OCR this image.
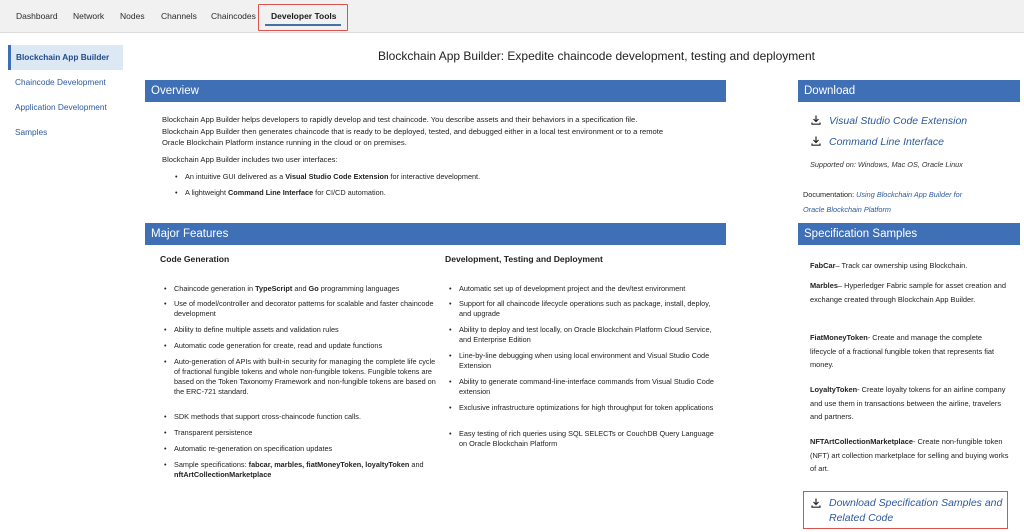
Dashboard Network Nodes Channels Chaincodes Developer Tools
Blockchain App Builder
Chaincode Development
Application Development
Samples
Blockchain App Builder: Expedite chaincode development, testing and deployment
Overview
Blockchain App Builder helps developers to rapidly develop and test chaincode. You describe assets and their behaviors in a specification file.
Blockchain App Builder then generates chaincode that is ready to be deployed, tested, and debugged either in a local test environment or to a remote
Oracle Blockchain Platform instance running in the cloud or on premises.
Blockchain App Builder includes two user interfaces:
• An intuitive GUI delivered as a Visual Studio Code Extension for interactive development.
• A lightweight Command Line Interface for CI/CD automation.
Major Features
Code Generation	Development, Testing and Deployment
• Chaincode generation in TypeScript and Go programming languages
• Use of model/controller and decorator patterns for scalable and faster chaincode development
• Ability to define multiple assets and validation rules
• Automatic code generation for create, read and update functions
• Auto-generation of APIs with built-in security for managing the complete life cycle of fractional fungible tokens and whole non-fungible tokens. Fungible tokens are based on the Token Taxonomy Framework and non-fungible tokens are based on the ERC-721 standard.
• SDK methods that support cross-chaincode function calls.
• Transparent persistence
• Automatic re-generation on specification updates
• Sample specifications: fabcar, marbles, fiatMoneyToken, loyaltyToken and nftArtCollectionMarketplace
• Automatic set up of development project and the dev/test environment
• Support for all chaincode lifecycle operations such as package, install, deploy, and upgrade
• Ability to deploy and test locally, on Oracle Blockchain Platform Cloud Service, and Enterprise Edition
• Line-by-line debugging when using local environment and Visual Studio Code Extension
• Ability to generate command-line-interface commands from Visual Studio Code extension
• Exclusive infrastructure optimizations for high throughput for token applications
• Easy testing of rich queries using SQL SELECTs or CouchDB Query Language on Oracle Blockchain Platform
Download
Visual Studio Code Extension
Command Line Interface
Supported on: Windows, Mac OS, Oracle Linux
Documentation: Using Blockchain App Builder for
Oracle Blockchain Platform
Specification Samples
FabCar– Track car ownership using Blockchain.
Marbles– Hyperledger Fabric sample for asset creation and exchange created through Blockchain App Builder.
FiatMoneyToken- Create and manage the complete lifecycle of a fractional fungible token that represents fiat money.
LoyaltyToken- Create loyalty tokens for an airline company and use them in transactions between the airline, travelers and partners.
NFTArtCollectionMarketplace- Create non-fungible token (NFT) art collection marketplace for selling and buying works of art.
Download Specification Samples and Related Code
